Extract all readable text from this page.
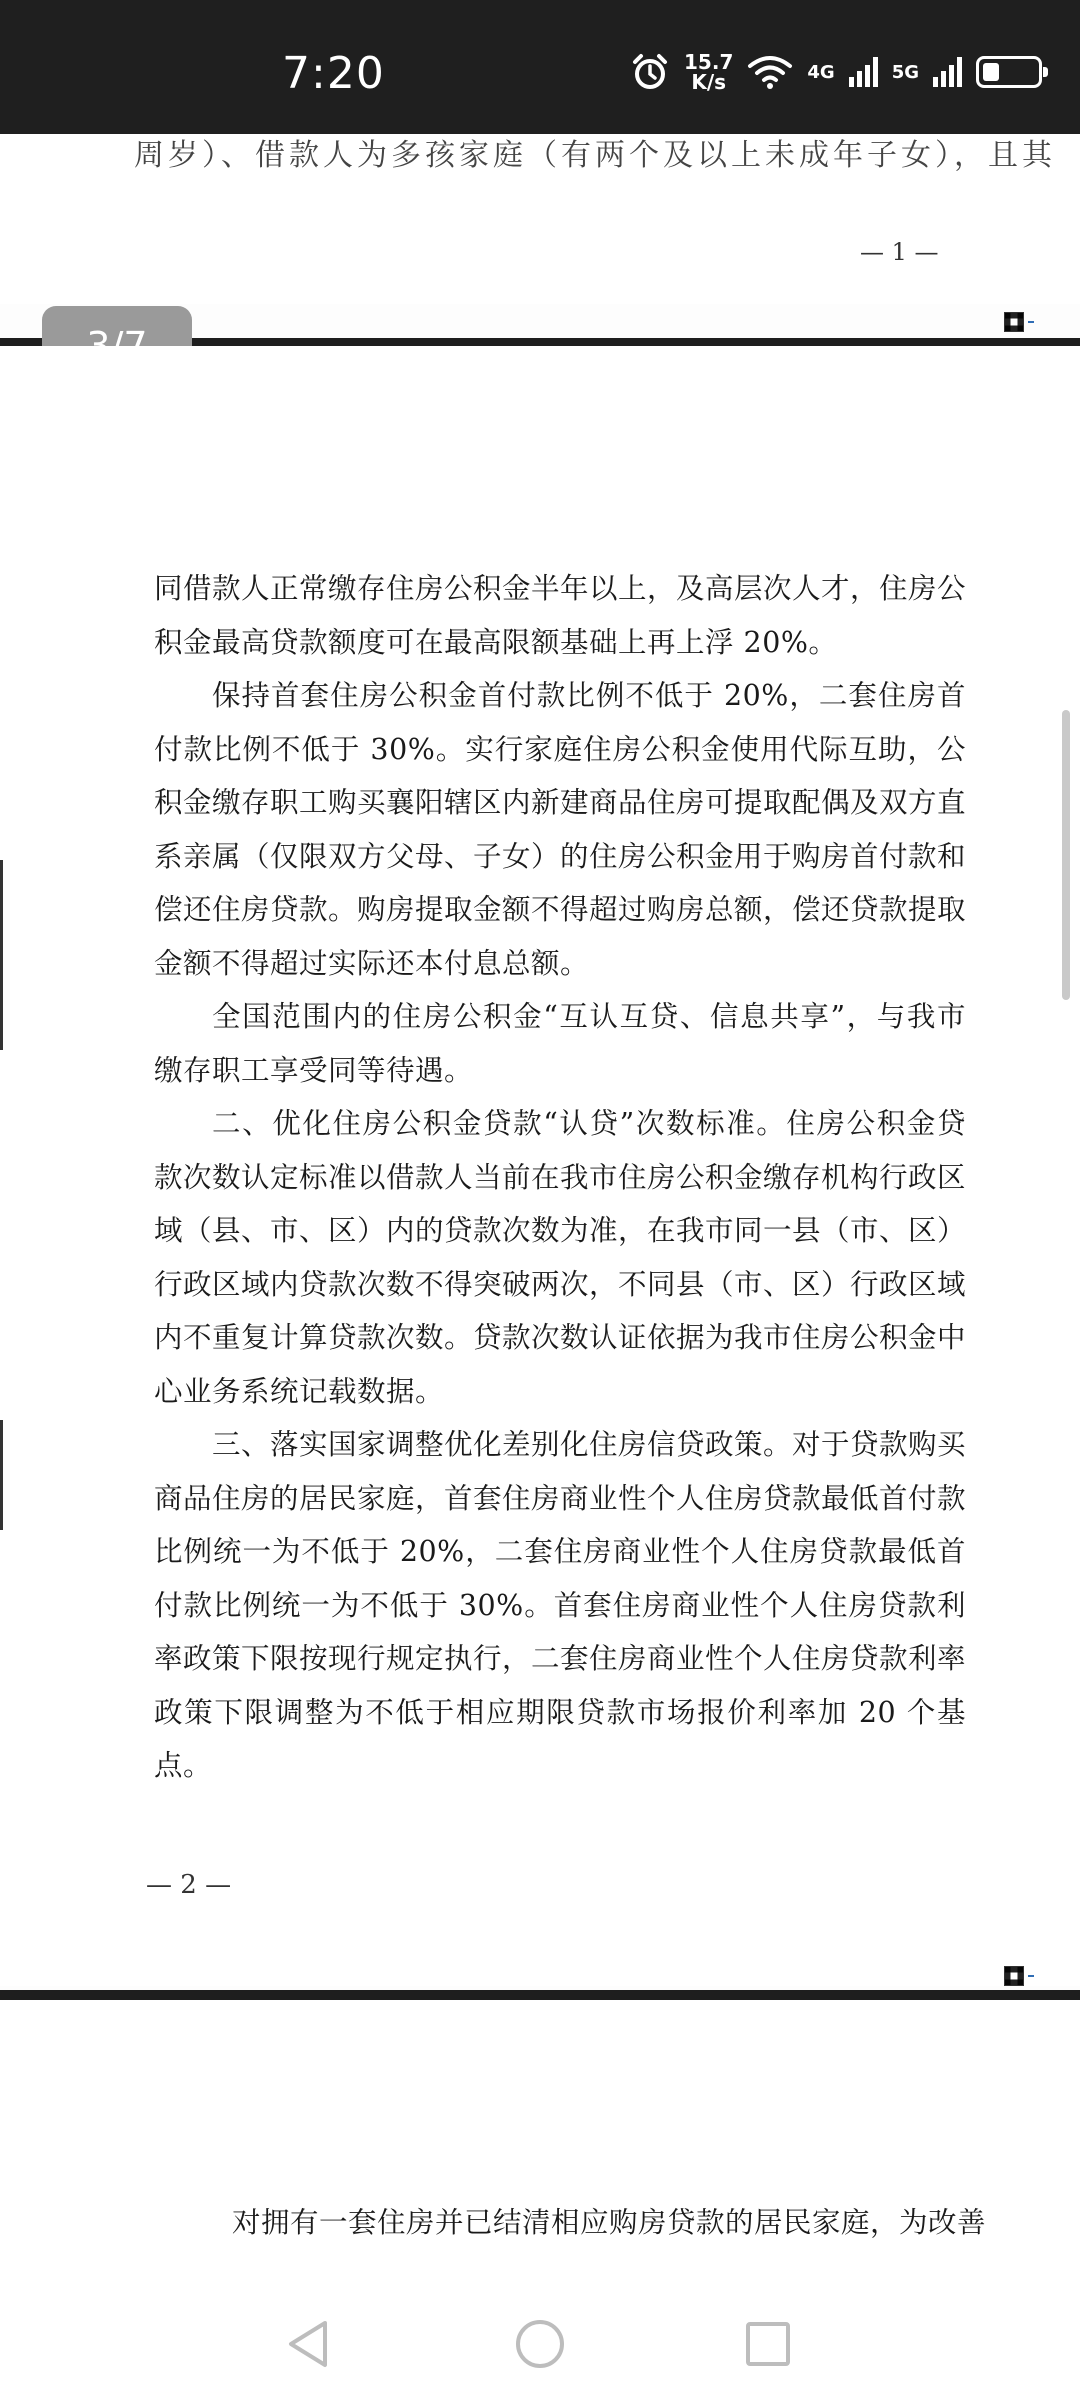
7:20	15.7
K/s	4G	5G
周岁）、借款人为多孩家庭（有两个及以上未成年子女），且其
— 1 —

同借款人正常缴存住房公积金半年以上，及高层次人才，住房公积金最高贷款额度可在最高限额基础上再上浮 20%。

保持首套住房公积金首付款比例不低于 20%，二套住房首付款比例不低于 30%。实行家庭住房公积金使用代际互助，公积金缴存职工购买襄阳辖区内新建商品住房可提取配偶及双方直系亲属（仅限双方父母、子女）的住房公积金用于购房首付款和偿还住房贷款。购房提取金额不得超过购房总额，偿还贷款提取金额不得超过实际还本付息总额。

全国范围内的住房公积金“互认互贷、信息共享”，与我市缴存职工享受同等待遇。

二、优化住房公积金贷款“认贷”次数标准。住房公积金贷款次数认定标准以借款人当前在我市住房公积金缴存机构行政区域（县、市、区）内的贷款次数为准，在我市同一县（市、区）行政区域内贷款次数不得突破两次，不同县（市、区）行政区域内不重复计算贷款次数。贷款次数认证依据为我市住房公积金中心业务系统记载数据。

三、落实国家调整优化差别化住房信贷政策。对于贷款购买商品住房的居民家庭，首套住房商业性个人住房贷款最低首付款比例统一为不低于 20%，二套住房商业性个人住房贷款最低首付款比例统一为不低于 30%。首套住房商业性个人住房贷款利率政策下限按现行规定执行，二套住房商业性个人住房贷款利率政策下限调整为不低于相应期限贷款市场报价利率加 20 个基点。

— 2 —
对拥有一套住房并已结清相应购房贷款的居民家庭，为改善
